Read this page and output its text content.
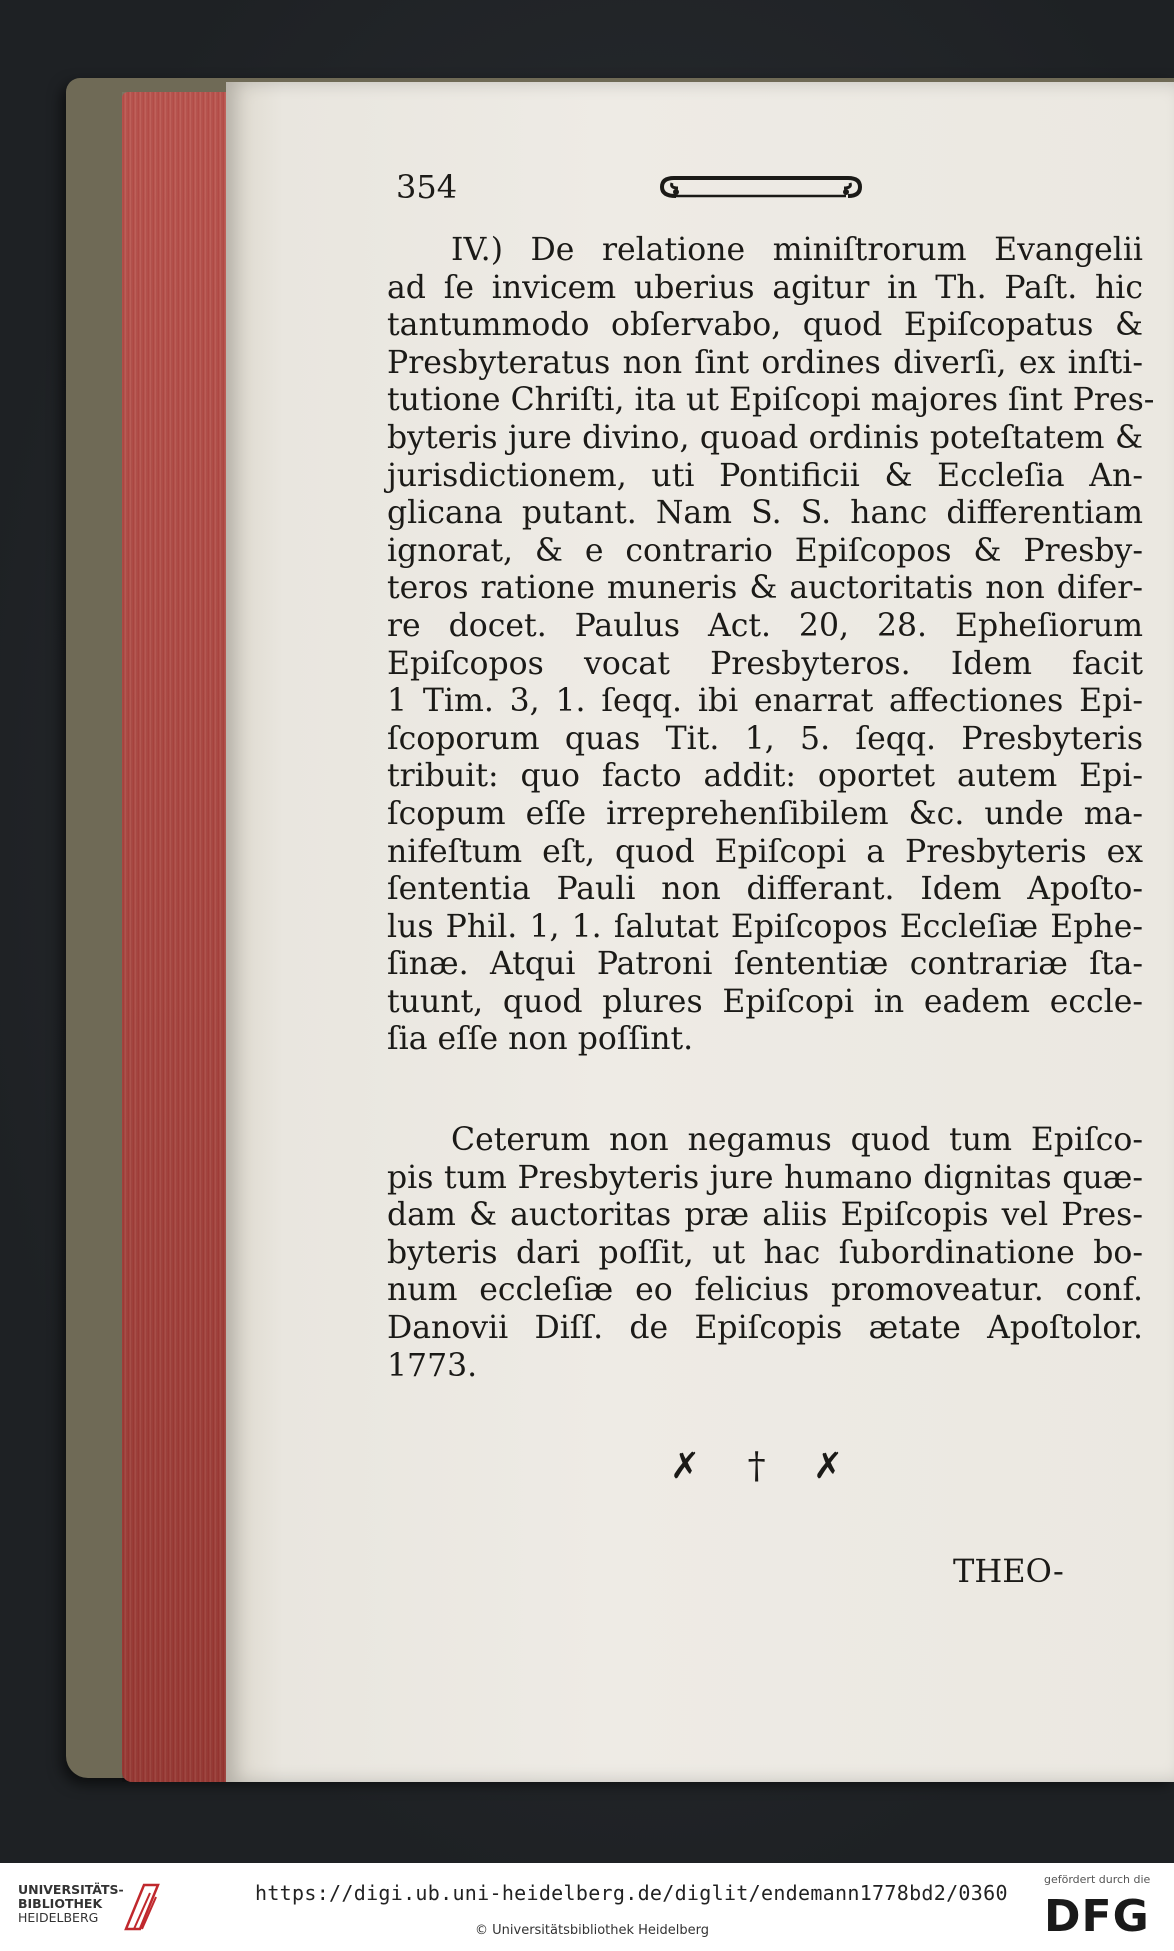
354
IV.) De relatione miniſtrorum Evangelii
ad ſe invicem uberius agitur in Th. Paſt. hic
tantummodo obſervabo, quod Epiſcopatus &
Presbyteratus non ſint ordines diverſi, ex inſti-
tutione Chriſti, ita ut Epiſcopi majores ſint Pres-
byteris jure divino, quoad ordinis poteſtatem &
jurisdictionem, uti Pontificii & Eccleſia An-
glicana putant. Nam S. S. hanc differentiam
ignorat, & e contrario Epiſcopos & Presby-
teros ratione muneris & auctoritatis non difer-
re docet. Paulus Act. 20, 28. Epheſiorum
Epiſcopos vocat Presbyteros. Idem facit
1 Tim. 3, 1. ſeqq. ibi enarrat affectiones Epi-
ſcoporum quas Tit. 1, 5. ſeqq. Presbyteris
tribuit: quo facto addit: oportet autem Epi-
ſcopum eſſe irreprehenſibilem &c. unde ma-
nifeſtum eſt, quod Epiſcopi a Presbyteris ex
ſententia Pauli non differant. Idem Apoſto-
lus Phil. 1, 1. ſalutat Epiſcopos Eccleſiæ Ephe-
ſinæ. Atqui Patroni ſententiæ contrariæ ſta-
tuunt, quod plures Epiſcopi in eadem eccle-
ſia eſſe non poſſint.
Ceterum non negamus quod tum Epiſco-
pis tum Presbyteris jure humano dignitas quæ-
dam & auctoritas præ aliis Epiſcopis vel Pres-
byteris dari poſſit, ut hac ſubordinatione bo-
num eccleſiæ eo felicius promoveatur. conf.
Danovii Diſſ. de Epiſcopis ætate Apoſtolor.
1773.
✗ † ✗
THEO-
UNIVERSITÄTS-
BIBLIOTHEK
HEIDELBERG
https://digi.ub.uni-heidelberg.de/diglit/endemann1778bd2/0360
© Universitätsbibliothek Heidelberg
gefördert durch die
DFG
